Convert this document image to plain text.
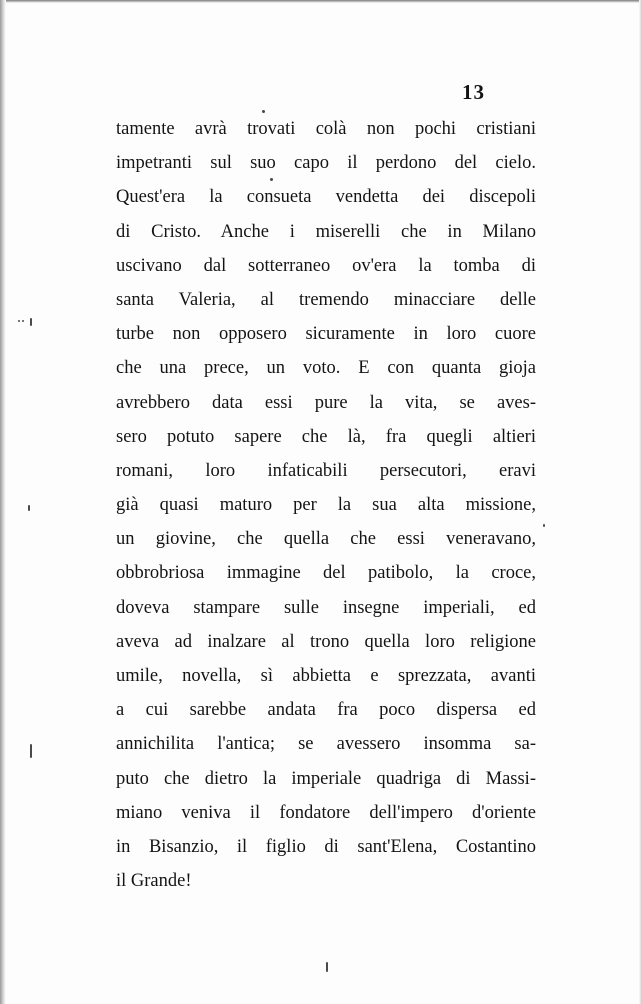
13
tamente avrà trovati colà non pochi cristiani
impetranti sul suo capo il perdono del cielo.
Quest'era la consueta vendetta dei discepoli
di Cristo. Anche i miserelli che in Milano
uscivano dal sotterraneo ov'era la tomba di
santa Valeria, al tremendo minacciare delle
turbe non opposero sicuramente in loro cuore
che una prece, un voto. E con quanta gioja
avrebbero data essi pure la vita, se aves-
sero potuto sapere che là, fra quegli altieri
romani, loro infaticabili persecutori, eravi
già quasi maturo per la sua alta missione,
un giovine, che quella che essi veneravano,
obbrobriosa immagine del patibolo, la croce,
doveva stampare sulle insegne imperiali, ed
aveva ad inalzare al trono quella loro religione
umile, novella, sì abbietta e sprezzata, avanti
a cui sarebbe andata fra poco dispersa ed
annichilita l'antica; se avessero insomma sa-
puto che dietro la imperiale quadriga di Massi-
miano veniva il fondatore dell'impero d'oriente
in Bisanzio, il figlio di sant'Elena, Costantino
il Grande!
